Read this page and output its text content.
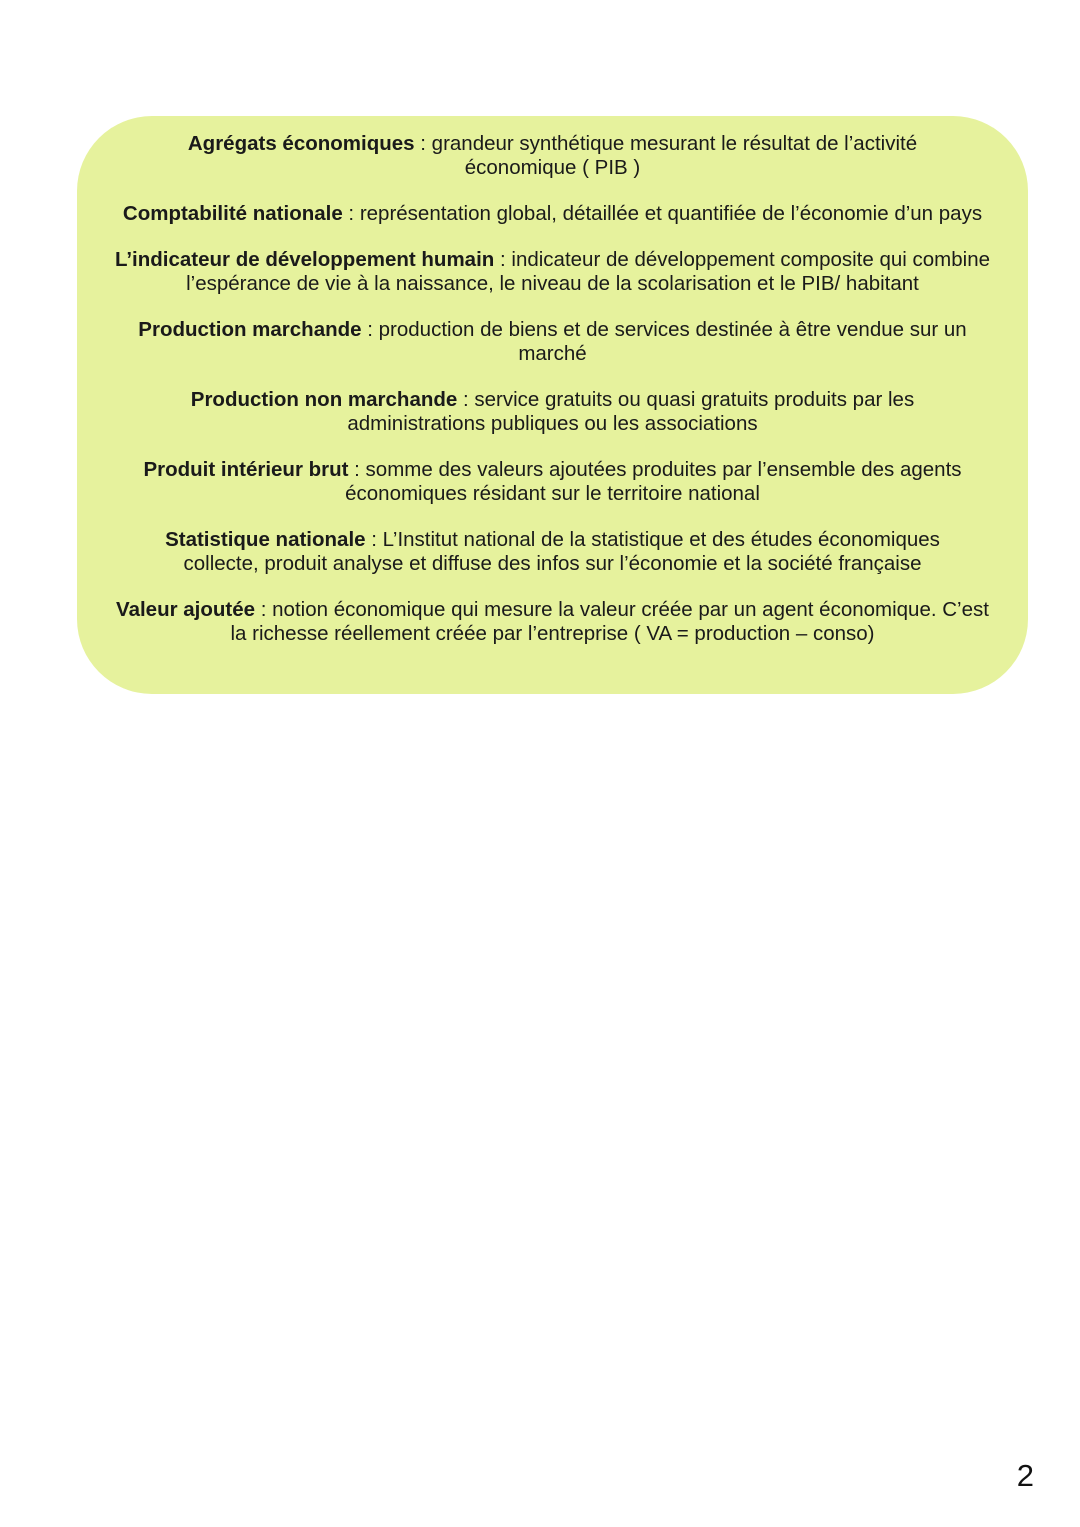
Agrégats économiques : grandeur synthétique mesurant le résultat de l’activité économique ( PIB )

Comptabilité nationale : représentation global, détaillée et quantifiée de l’économie d’un pays

L’indicateur de développement humain : indicateur de développement composite qui combine l’espérance de vie à la naissance, le niveau de la scolarisation et le PIB/ habitant

Production marchande : production de biens et de services destinée à être vendue sur un marché

Production non marchande : service gratuits ou quasi gratuits produits par les administrations publiques ou les associations

Produit intérieur brut : somme des valeurs ajoutées produites par l’ensemble des agents économiques résidant sur le territoire national

Statistique nationale : L’Institut national de la statistique et des études économiques collecte, produit analyse et diffuse des infos sur l’économie et la société française

Valeur ajoutée : notion économique qui mesure la valeur créée par un agent économique. C’est la richesse réellement créée par l’entreprise ( VA = production – conso)

2
